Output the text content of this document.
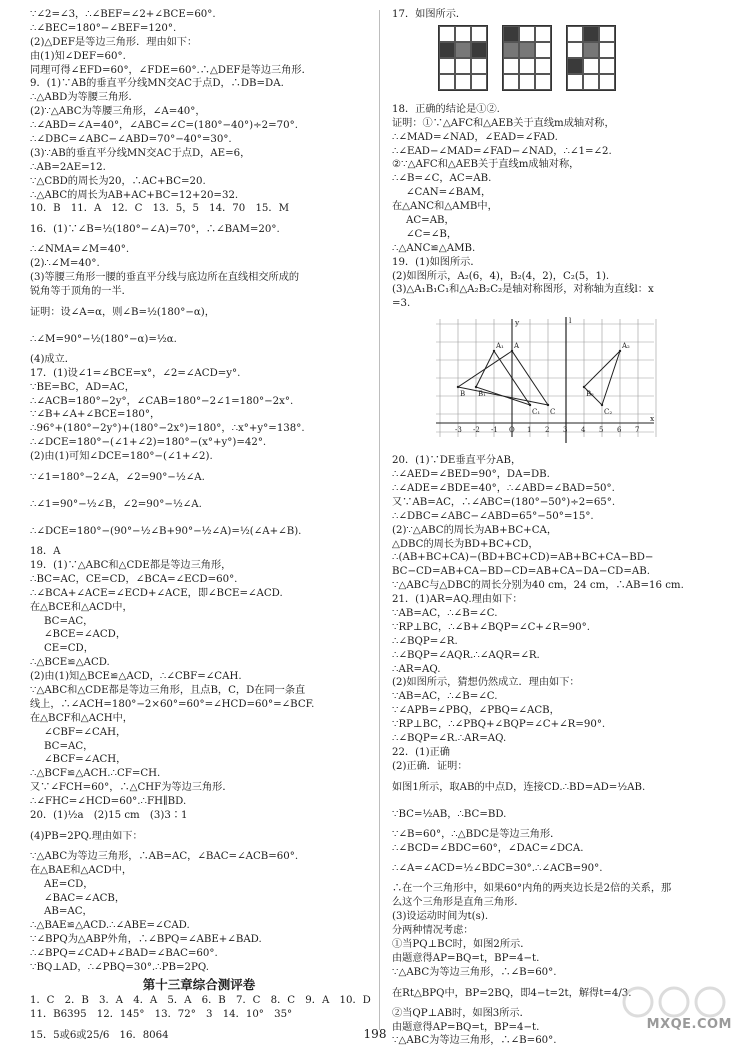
∵∠2=∠3，∴∠BEF=∠2+∠BCE=60°.
∴∠BEC=180°−∠BEF=120°.
(2)△DEF是等边三角形．理由如下：
由(1)知∠DEF=60°.
同理可得∠EFD=60°，∠FDE=60°.∴△DEF是等边三角形．
9．(1)∵AB的垂直平分线MN交AC于点D，∴DB=DA.
∴△ABD为等腰三角形．
(2)∵△ABC为等腰三角形，∠A=40°，
∴∠ABD=∠A=40°，∠ABC=∠C=(180°−40°)÷2=70°.
∴∠DBC=∠ABC−∠ABD=70°−40°=30°.
(3)∵AB的垂直平分线MN交AC于点D，AE=6，
∴AB=2AE=12.
∵△CBD的周长为20，∴AC+BC=20.
∴△ABC的周长为AB+AC+BC=12+20=32.
10．B　11．A　12．C　13．5，5　14．70　15．M
16．(1)∵∠B=½(180°−∠A)=70°，∴∠BAM=20°.
∴∠NMA=∠M=40°.
(2)∴∠M=40°.
(3)等腰三角形一腰的垂直平分线与底边所在直线相交所成的
锐角等于顶角的一半．
证明：设∠A=α，则∠B=½(180°−α)，
∴∠M=90°−½(180°−α)=½α.
(4)成立．
17．(1)设∠1=∠BCE=x°，∠2=∠ACD=y°.
∵BE=BC，AD=AC，
∴∠ACB=180°−2y°，∠CAB=180°−2∠1=180°−2x°.
∵∠B+∠A+∠BCE=180°，
∴96°+(180°−2y°)+(180°−2x°)=180°，∴x°+y°=138°.
∴∠DCE=180°−(∠1+∠2)=180°−(x°+y°)=42°.
(2)由(1)可知∠DCE=180°−(∠1+∠2).
∵∠1=180°−2∠A，∠2=90°−½∠A.
∴∠1=90°−½∠B，∠2=90°−½∠A.
∴∠DCE=180°−(90°−½∠B+90°−½∠A)=½(∠A+∠B).
18．A
19．(1)∵△ABC和△CDE都是等边三角形，
∴BC=AC，CE=CD，∠BCA=∠ECD=60°.
∴∠BCA+∠ACE=∠ECD+∠ACE，即∠BCE=∠ACD.
在△BCE和△ACD中，
BC=AC，
∠BCE=∠ACD，
CE=CD，
∴△BCE≌△ACD.
(2)由(1)知△BCE≌△ACD，∴∠CBF=∠CAH.
∵△ABC和△CDE都是等边三角形，且点B，C，D在同一条直
线上，∴∠ACH=180°−2×60°=60°=∠HCD=60°=∠BCF.
在△BCF和△ACH中，
∠CBF=∠CAH，
BC=AC，
∠BCF=∠ACH，
∴△BCF≌△ACH.∴CF=CH.
又∵∠FCH=60°，∴△CHF为等边三角形．
∴∠FHC=∠HCD=60°.∴FH∥BD.
20．(1)½a　(2)15 cm　(3)3∶1
(4)PB=2PQ.理由如下：
∵△ABC为等边三角形，∴AB=AC，∠BAC=∠ACB=60°.
在△BAE和△ACD中，
AE=CD，
∠BAC=∠ACB，
AB=AC，
∴△BAE≌△ACD.∴∠ABE=∠CAD.
∵∠BPQ为△ABP外角，∴∠BPQ=∠ABE+∠BAD.
∴∠BPQ=∠CAD+∠BAD=∠BAC=60°.
∵BQ⊥AD，∴∠PBQ=30°.∴PB=2PQ.
第十三章综合测评卷
1．C　2．B　3．A　4．A　5．A　6．B　7．C　8．C　9．A　10．D
11．B6395　12．145°　13．72°　3　14．10°　35°
15．5或6或25/6　16．8064
17．如图所示．
18．正确的结论是①②.
证明：①∵△AFC和△AEB关于直线m成轴对称，
∴∠MAD=∠NAD，∠EAD=∠FAD.
∴∠EAD−∠MAD=∠FAD−∠NAD，∴∠1=∠2.
②∵△AFC和△AEB关于直线m成轴对称，
∴∠B=∠C，AC=AB.
∠CAN=∠BAM，
在△ANC和△AMB中，
AC=AB，
∠C=∠B，
∴△ANC≌△AMB.
19．(1)如图所示．
(2)如图所示，A₂(6，4)，B₂(4，2)，C₂(5，1).
(3)△A₁B₁C₁和△A₂B₂C₂是轴对称图形，对称轴为直线l：x
=3.
-3 -2 -1 O 1 2 3 4 5 6 7
x
y	l
A₁
B₁
C₁
A
B
C
A₂
B₂
C₂
20．(1)∵DE垂直平分AB，
∴∠AED=∠BED=90°，DA=DB.
∴∠ADE=∠BDE=40°，∴∠ABD=∠BAD=50°.
又∵AB=AC，∴∠ABC=(180°−50°)÷2=65°.
∴∠DBC=∠ABC−∠ABD=65°−50°=15°.
(2)∵△ABC的周长为AB+BC+CA，
△DBC的周长为BD+BC+CD，
∴(AB+BC+CA)−(BD+BC+CD)=AB+BC+CA−BD−
BC−CD=AB+CA−BD−CD=AB+CA−DA−CD=AB.
∵△ABC与△DBC的周长分别为40 cm，24 cm，∴AB=16 cm.
21．(1)AR=AQ.理由如下：
∵AB=AC，∴∠B=∠C.
∵RP⊥BC，∴∠B+∠BQP=∠C+∠R=90°.
∴∠BQP=∠R.
∴∠BQP=∠AQR.∴∠AQR=∠R.
∴AR=AQ.
(2)如图所示，猜想仍然成立．理由如下：
∵AB=AC，∴∠B=∠C.
∵∠APB=∠PBQ，∠PBQ=∠ACB，
∵RP⊥BC，∴∠PBQ+∠BQP=∠C+∠R=90°.
∴∠BQP=∠R.∴AR=AQ.
22．(1)正确
(2)正确．证明：
如图1所示，取AB的中点D，连接CD.∴BD=AD=½AB.
∵BC=½AB，∴BC=BD.
∵∠B=60°，∴△BDC是等边三角形．
∴∠BCD=∠BDC=60°，∠DAC=∠DCA.
∴∠A=∠ACD=½∠BDC=30°.∴∠ACB=90°.
∴在一个三角形中，如果60°内角的两夹边长是2倍的关系，那
么这个三角形是直角三角形．
(3)设运动时间为t(s).
分两种情况考虑：
①当PQ⊥BC时，如图2所示．
由题意得AP=BQ=t，BP=4−t.
∵△ABC为等边三角形，∴∠B=60°.
在Rt△BPQ中，BP=2BQ，即4−t=2t，解得t=4/3.
②当QP⊥AB时，如图3所示．
由题意得AP=BQ=t，BP=4−t.
∵△ABC为等边三角形，∴∠B=60°.
198
MXQE.COM
